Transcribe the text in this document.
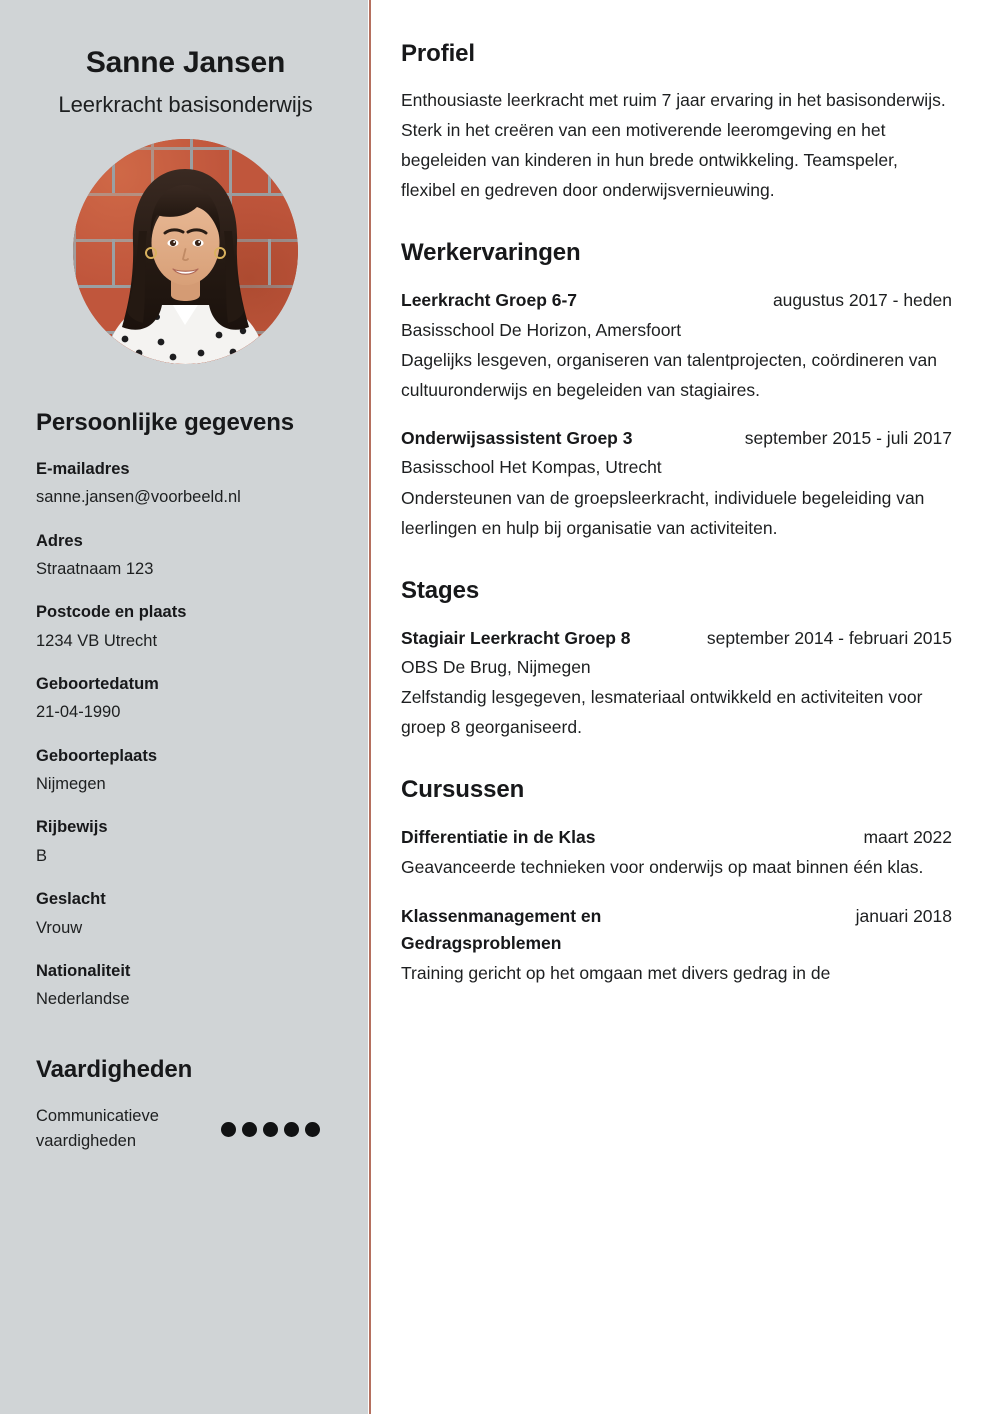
Sanne Jansen
Leerkracht basisonderwijs
Persoonlijke gegevens
E-mailadres
sanne.jansen@voorbeeld.nl
Adres
Straatnaam 123
Postcode en plaats
1234 VB Utrecht
Geboortedatum
21-04-1990
Geboorteplaats
Nijmegen
Rijbewijs
B
Geslacht
Vrouw
Nationaliteit
Nederlandse
Vaardigheden
Communicatieve vaardigheden
Profiel

Enthousiaste leerkracht met ruim 7 jaar ervaring in het basisonderwijs. Sterk in het creëren van een motiverende leeromgeving en het begeleiden van kinderen in hun brede ontwikkeling. Teamspeler, flexibel en gedreven door onderwijsvernieuwing.

Werkervaringen
Leerkracht Groep 6-7	augustus 2017 - heden
Basisschool De Horizon, Amersfoort
Dagelijks lesgeven, organiseren van talentprojecten, coördineren van cultuuronderwijs en begeleiden van stagiaires.
Onderwijsassistent Groep 3	september 2015 - juli 2017
Basisschool Het Kompas, Utrecht
Ondersteunen van de groepsleerkracht, individuele begeleiding van leerlingen en hulp bij organisatie van activiteiten.
Stages
Stagiair Leerkracht Groep 8	september 2014 - februari 2015
OBS De Brug, Nijmegen
Zelfstandig lesgegeven, lesmateriaal ontwikkeld en activiteiten voor groep 8 georganiseerd.
Cursussen
Differentiatie in de Klas	maart 2022
Geavanceerde technieken voor onderwijs op maat binnen één klas.
Klassenmanagement en Gedragsproblemen
januari 2018
Training gericht op het omgaan met divers gedrag in de
